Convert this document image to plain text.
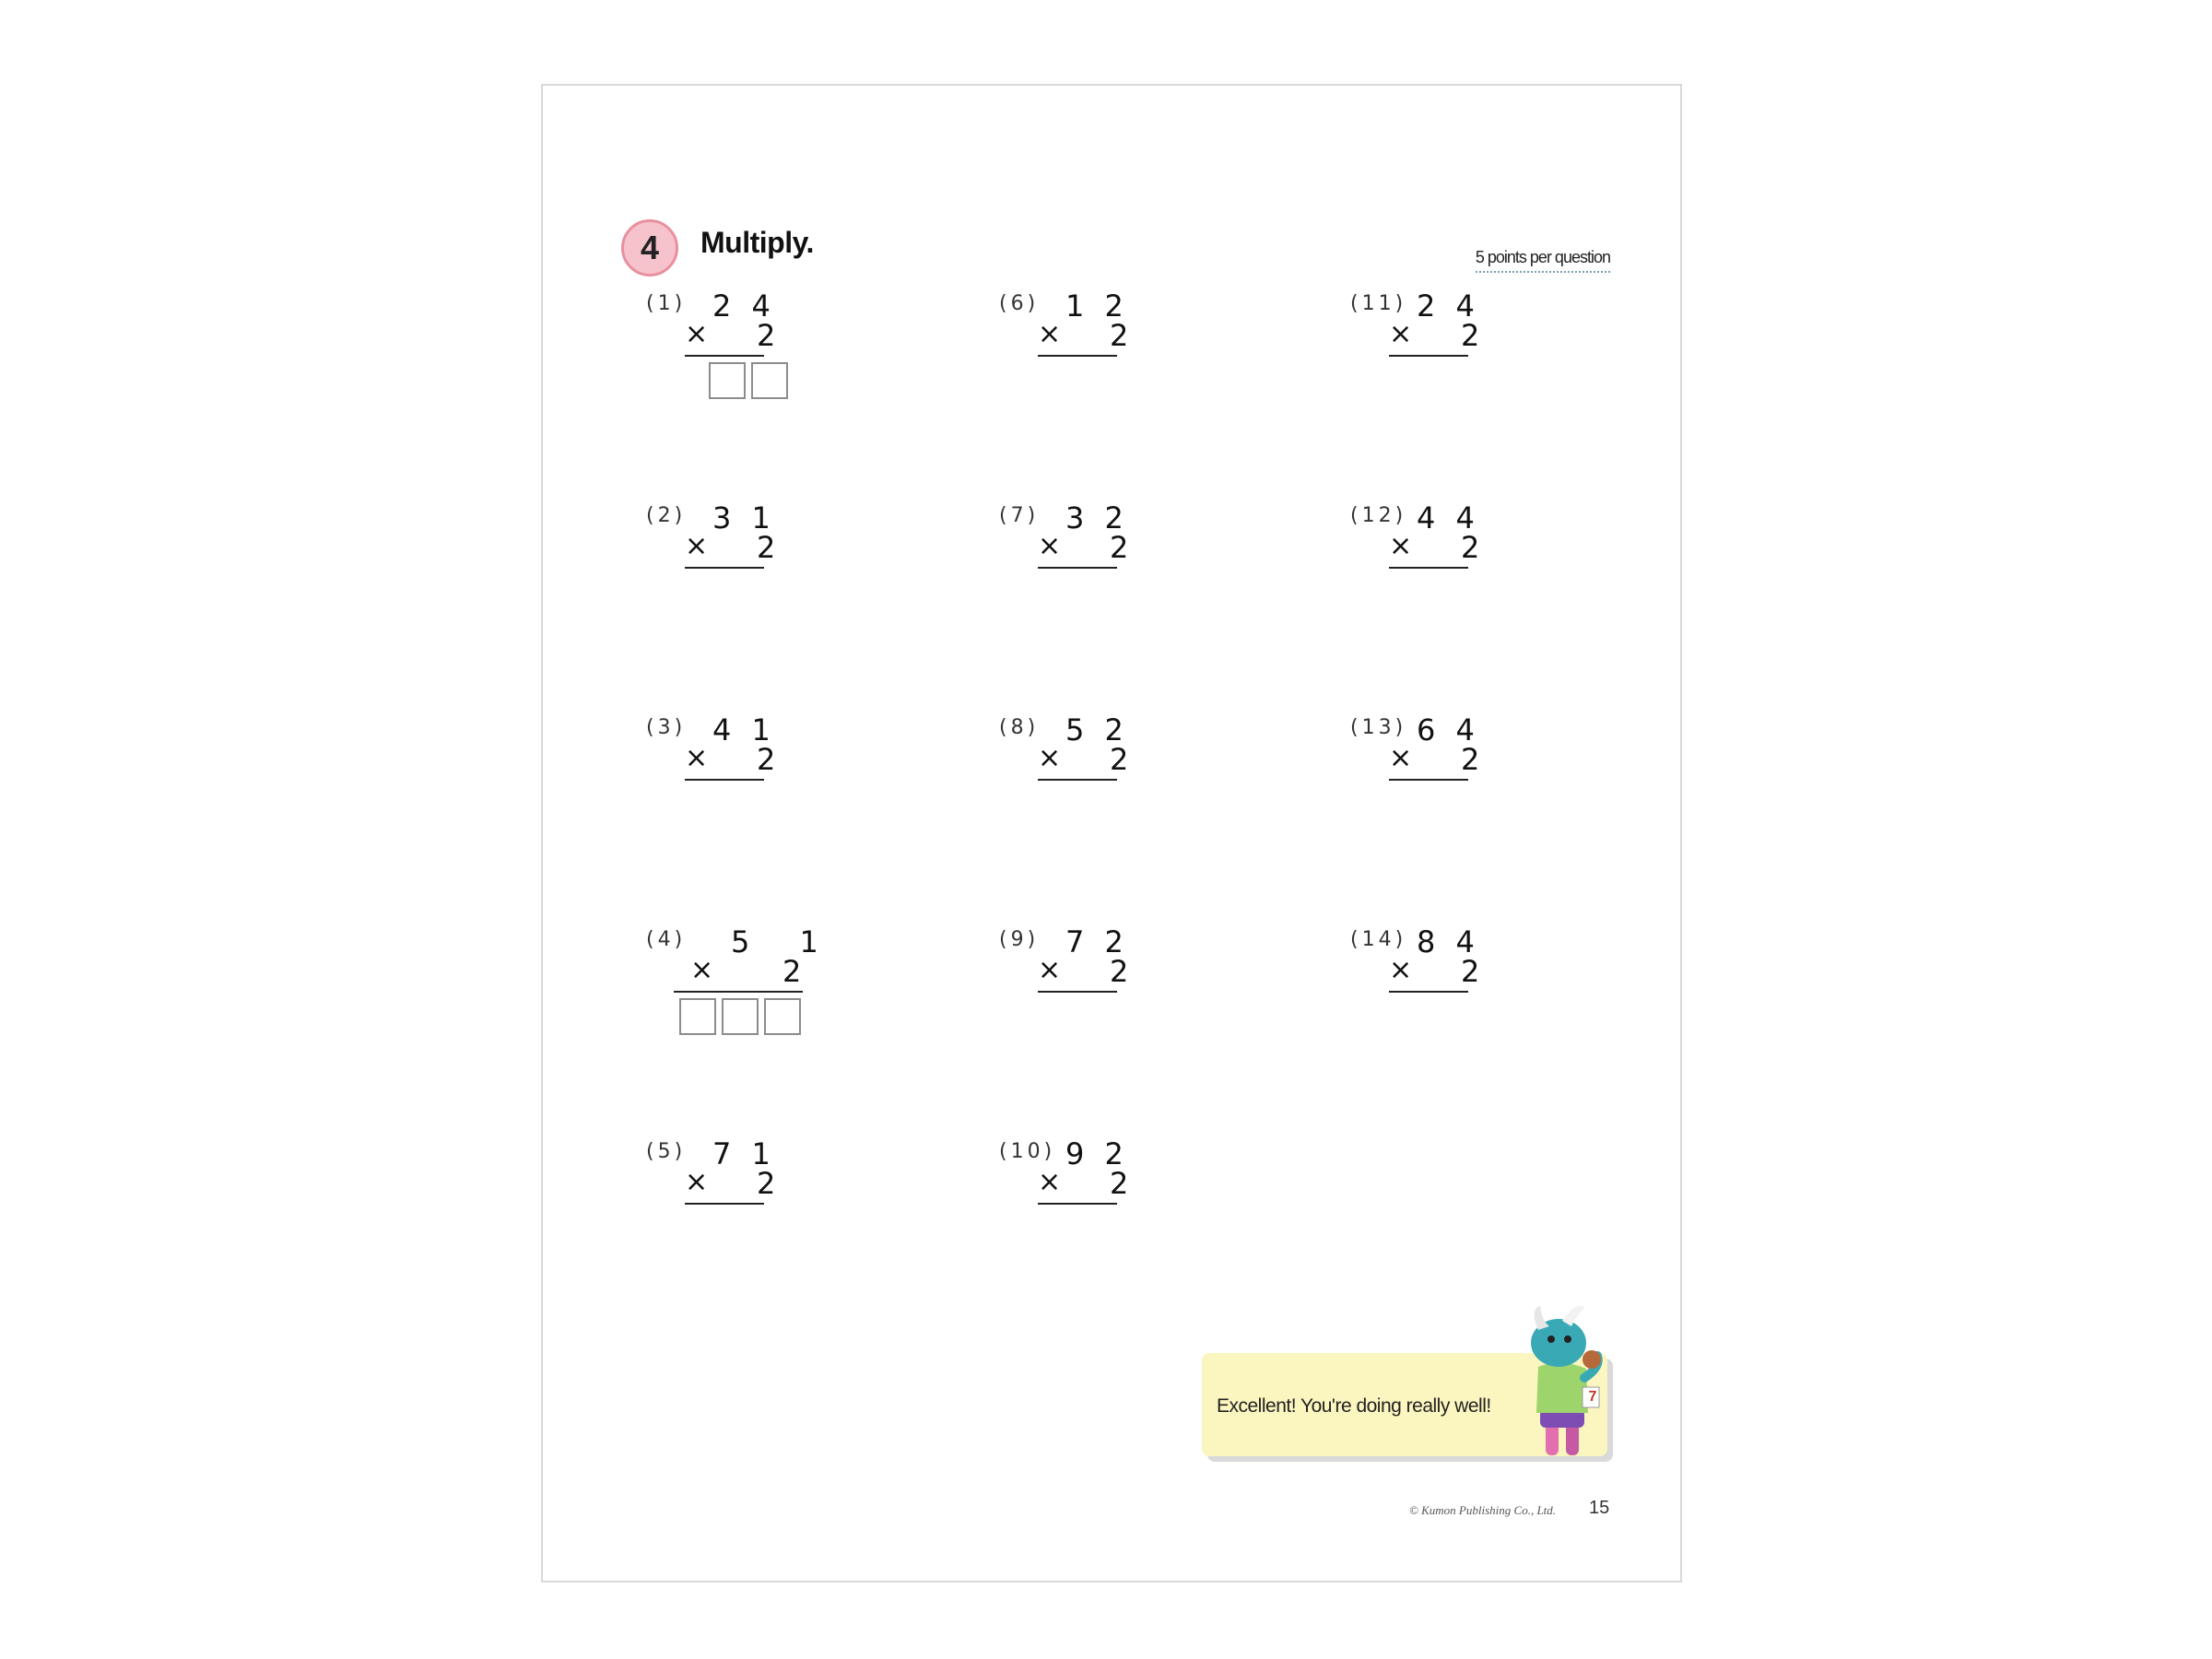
4 Multiply.	5 points per question
(1) 2 4
× 2
(2) 3 1
× 2
(3) 4 1
× 2
(4) 5 1
× 2
(5) 7 1
× 2
(6) 1 2
× 2
(7) 3 2
× 2
(8) 5 2
× 2
(9) 7 2
× 2
(10) 9 2
× 2
(11) 2 4
× 2
(12) 4 4
× 2
(13) 6 4
× 2
(14) 8 4
× 2
Excellent! You're doing really well!	7
© Kumon Publishing Co., Ltd. 15
